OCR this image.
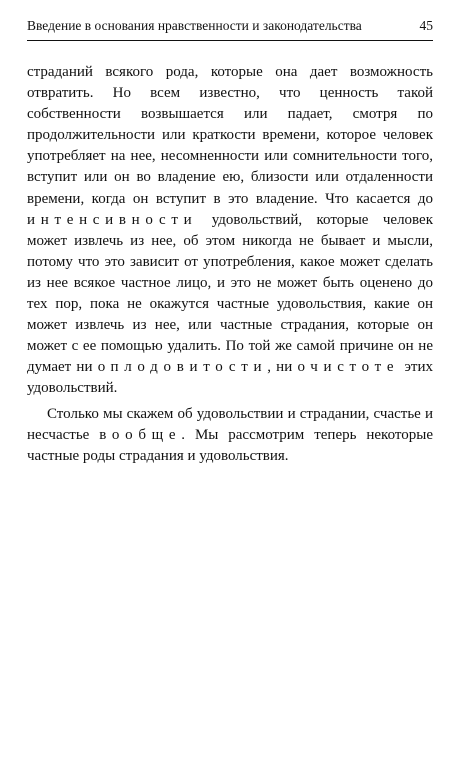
Введение в основания нравственности и законодательства	45

страданий всякого рода, которые она дает возможность отвратить. Но всем известно, что ценность такой собственности возвышается или падает, смотря по продолжительности или краткости времени, которое человек употребляет на нее, несомненности или сомнительности того, вступит или он во владение ею, близости или отдаленности времени, когда он вступит в это владение. Что касается до интенсивности удовольствий, которые человек может извлечь из нее, об этом никогда не бывает и мысли, потому что это зависит от употребления, какое может сделать из нее всякое частное лицо, и это не может быть оценено до тех пор, пока не окажутся частные удовольствия, какие он может извлечь из нее, или частные страдания, которые он может с ее помощью удалить. По той же самой причине он не думает ни о плодовитости, ни о чистоте этих удовольствий.

Столько мы скажем об удовольствии и страдании, счастье и несчастье вообще. Мы рассмотрим теперь некоторые частные роды страдания и удовольствия.
